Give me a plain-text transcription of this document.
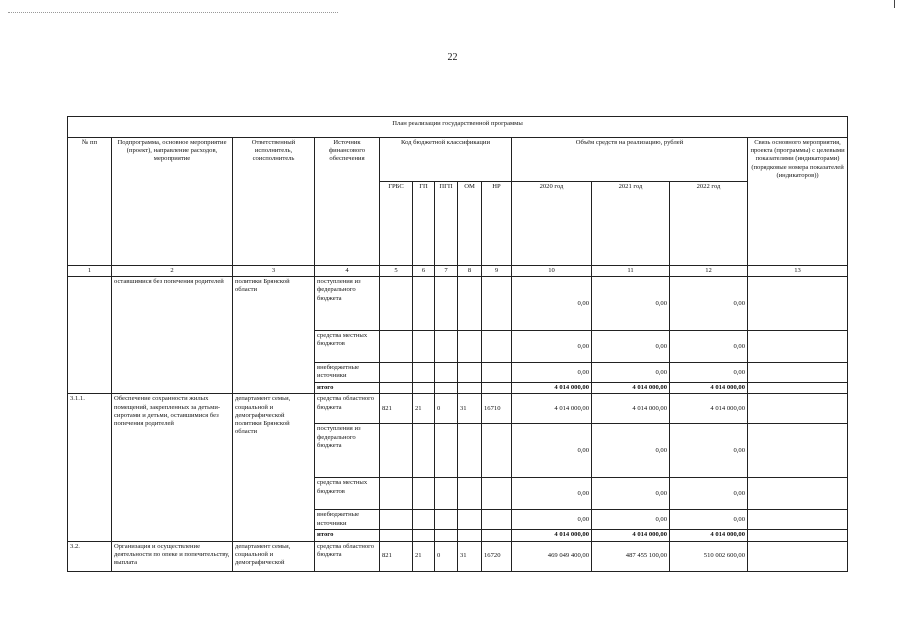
22
План реализации государственной программы												
№ пп	Подпрограмма, основное мероприятие (проект), направление расходов, мероприятие	Ответственный исполнитель, соисполнитель	Источник финансового обеспечения	Код бюджетной классификации					Объём средств на реализацию, рублей			Связь основного мероприятия, проекта (программы) с целевыми показателями (индикаторами) (порядковые номера показателей (индикаторов))
				ГРБС	ГП	ПГП	ОМ	НР	2020 год	2021 год	2022 год	
1	2	3	4	5	6	7	8	9	10	11	12	13
	оставшимися без попечения родителей	политики Брянской области	поступления из федерального бюджета						0,00	0,00	0,00	
			средства местных бюджетов						0,00	0,00	0,00	
			внебюджетные источники						0,00	0,00	0,00	
			итого						4 014 000,00	4 014 000,00	4 014 000,00	
3.1.1.	Обеспечение сохранности жилых помещений, закрепленных за детьми-сиротами и детьми, оставшимися без попечения родителей	департамент семьи, социальной и демографической политики Брянской области	средства областного бюджета	821	21	0	31	16710	4 014 000,00	4 014 000,00	4 014 000,00	
			поступления из федерального бюджета						0,00	0,00	0,00	
			средства местных бюджетов						0,00	0,00	0,00	
			внебюджетные источники						0,00	0,00	0,00	
			итого						4 014 000,00	4 014 000,00	4 014 000,00	
3.2.	Организация и осуществление деятельности по опеке и попечительству, выплата	департамент семьи, социальной и демографической	средства областного бюджета	821	21	0	31	16720	469 049 400,00	487 455 100,00	510 002 600,00	
